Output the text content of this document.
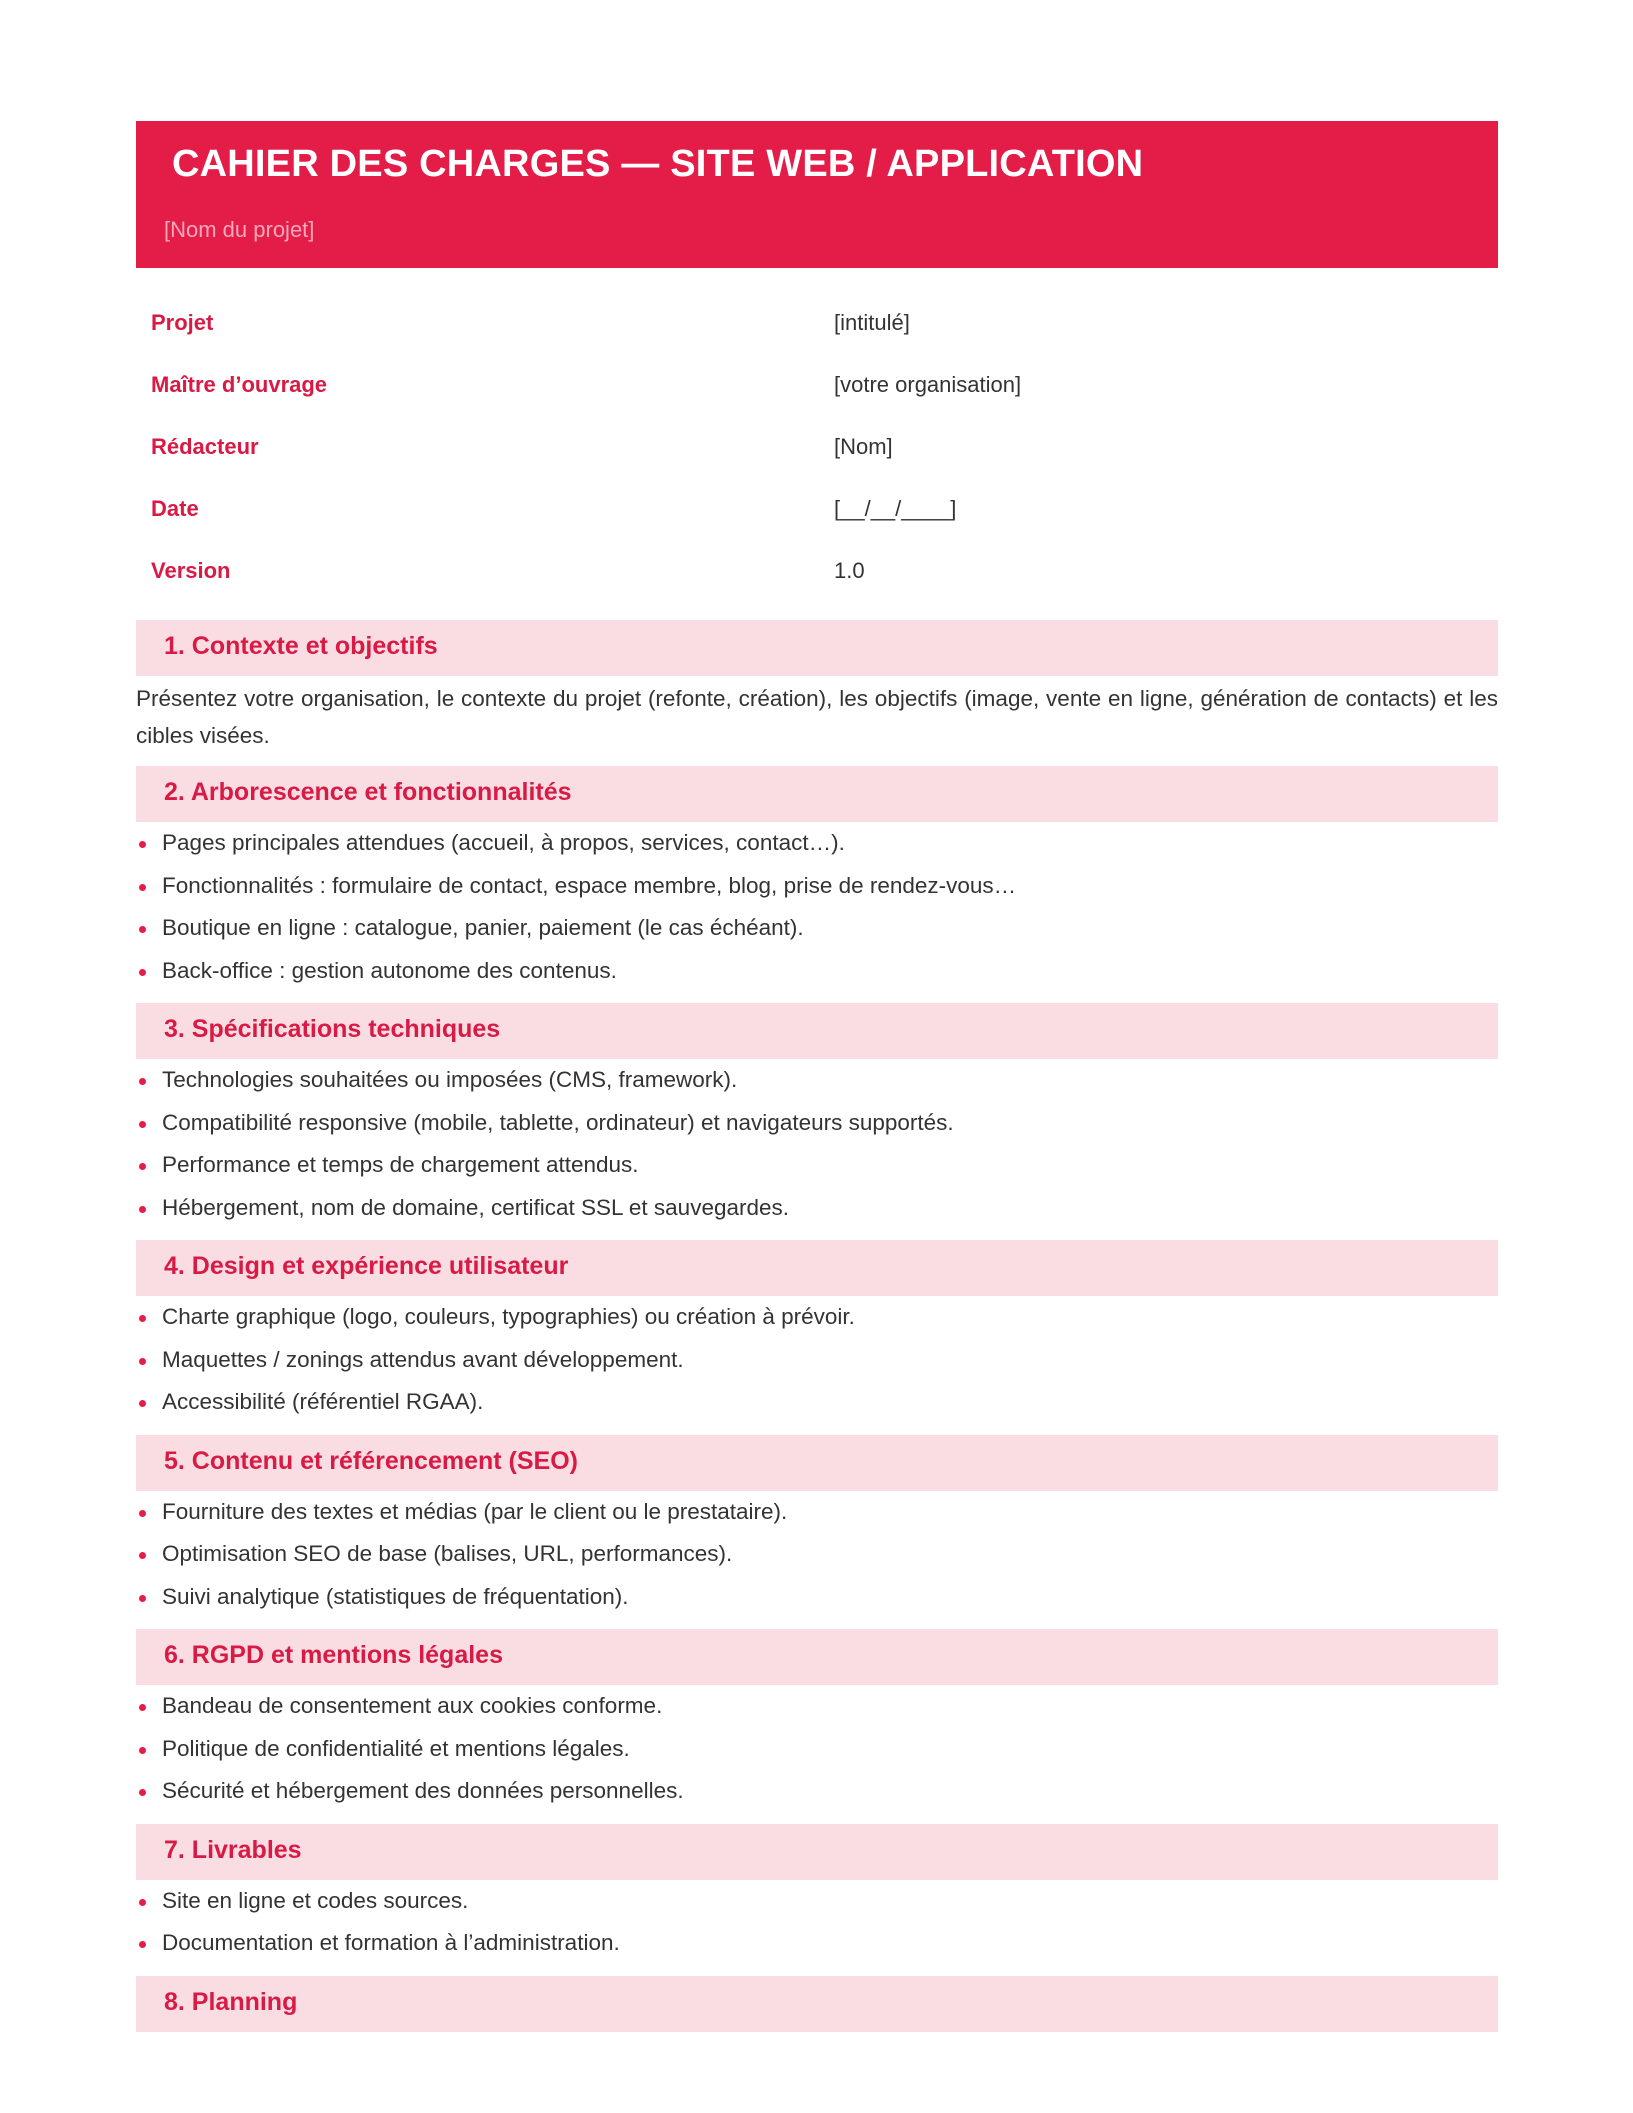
CAHIER DES CHARGES — SITE WEB / APPLICATION
[Nom du projet]
Projet	[intitulé]
Maître d’ouvrage	[votre organisation]
Rédacteur	[Nom]
Date	[__/__/____]
Version	1.0
1. Contexte et objectifs
Présentez votre organisation, le contexte du projet (refonte, création), les objectifs (image, vente en ligne, génération de contacts) et les cibles visées.
2. Arborescence et fonctionnalités
Pages principales attendues (accueil, à propos, services, contact…).
Fonctionnalités : formulaire de contact, espace membre, blog, prise de rendez-vous…
Boutique en ligne : catalogue, panier, paiement (le cas échéant).
Back-office : gestion autonome des contenus.
3. Spécifications techniques
Technologies souhaitées ou imposées (CMS, framework).
Compatibilité responsive (mobile, tablette, ordinateur) et navigateurs supportés.
Performance et temps de chargement attendus.
Hébergement, nom de domaine, certificat SSL et sauvegardes.
4. Design et expérience utilisateur
Charte graphique (logo, couleurs, typographies) ou création à prévoir.
Maquettes / zonings attendus avant développement.
Accessibilité (référentiel RGAA).
5. Contenu et référencement (SEO)
Fourniture des textes et médias (par le client ou le prestataire).
Optimisation SEO de base (balises, URL, performances).
Suivi analytique (statistiques de fréquentation).
6. RGPD et mentions légales
Bandeau de consentement aux cookies conforme.
Politique de confidentialité et mentions légales.
Sécurité et hébergement des données personnelles.
7. Livrables
Site en ligne et codes sources.
Documentation et formation à l’administration.
8. Planning
